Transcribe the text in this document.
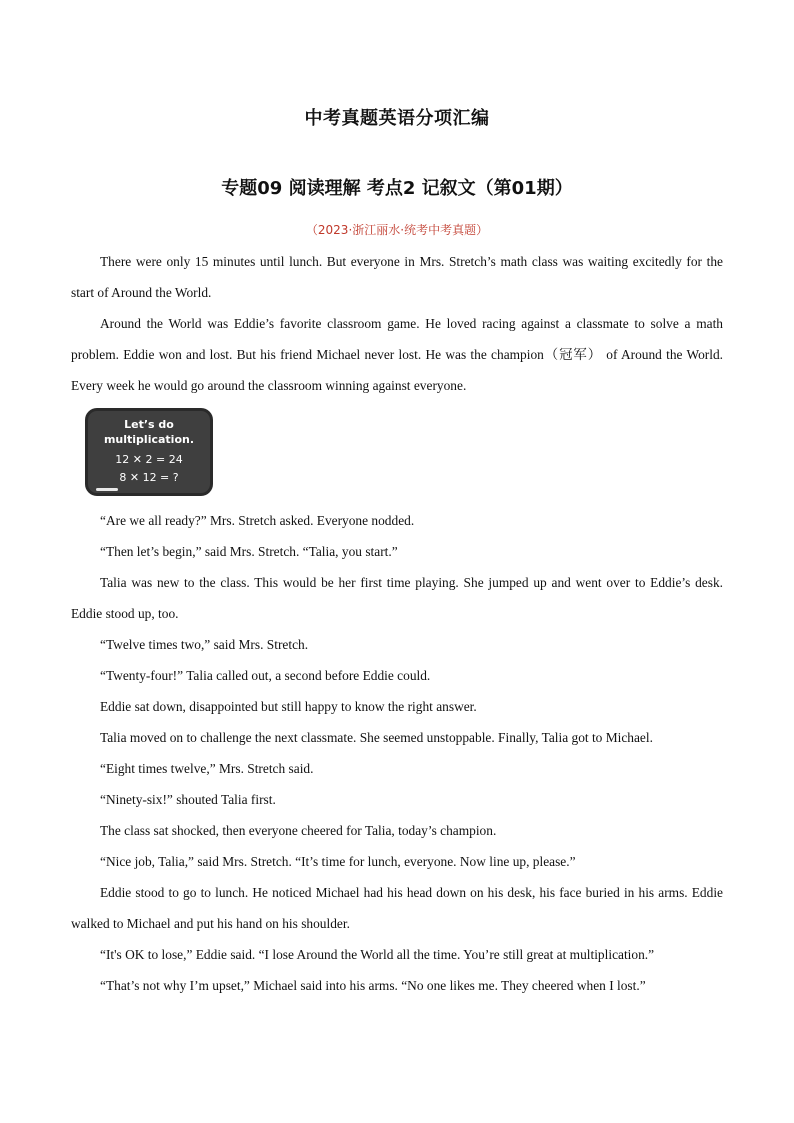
中考真题英语分项汇编
专题09 阅读理解 考点2 记叙文（第01期）
（2023·浙江丽水·统考中考真题）

There were only 15 minutes until lunch. But everyone in Mrs. Stretch’s math class was waiting excitedly for the start of Around the World.

Around the World was Eddie’s favorite classroom game. He loved racing against a classmate to solve a math problem. Eddie won and lost. But his friend Michael never lost. He was the champion（冠军） of Around the World. Every week he would go around the classroom winning against everyone.

Let’s do
multiplication.
12 ✕ 2 = 24
8 ✕ 12 = ?

“Are we all ready?” Mrs. Stretch asked. Everyone nodded.

“Then let’s begin,” said Mrs. Stretch. “Talia, you start.”

Talia was new to the class. This would be her first time playing. She jumped up and went over to Eddie’s desk. Eddie stood up, too.

“Twelve times two,” said Mrs. Stretch.

“Twenty-four!” Talia called out, a second before Eddie could.

Eddie sat down, disappointed but still happy to know the right answer.

Talia moved on to challenge the next classmate. She seemed unstoppable. Finally, Talia got to Michael.

“Eight times twelve,” Mrs. Stretch said.

“Ninety-six!” shouted Talia first.

The class sat shocked, then everyone cheered for Talia, today’s champion.

“Nice job, Talia,” said Mrs. Stretch. “It’s time for lunch, everyone. Now line up, please.”

Eddie stood to go to lunch. He noticed Michael had his head down on his desk, his face buried in his arms. Eddie walked to Michael and put his hand on his shoulder.

“It's OK to lose,” Eddie said. “I lose Around the World all the time. You’re still great at multiplication.”

“That’s not why I’m upset,” Michael said into his arms. “No one likes me. They cheered when I lost.”
